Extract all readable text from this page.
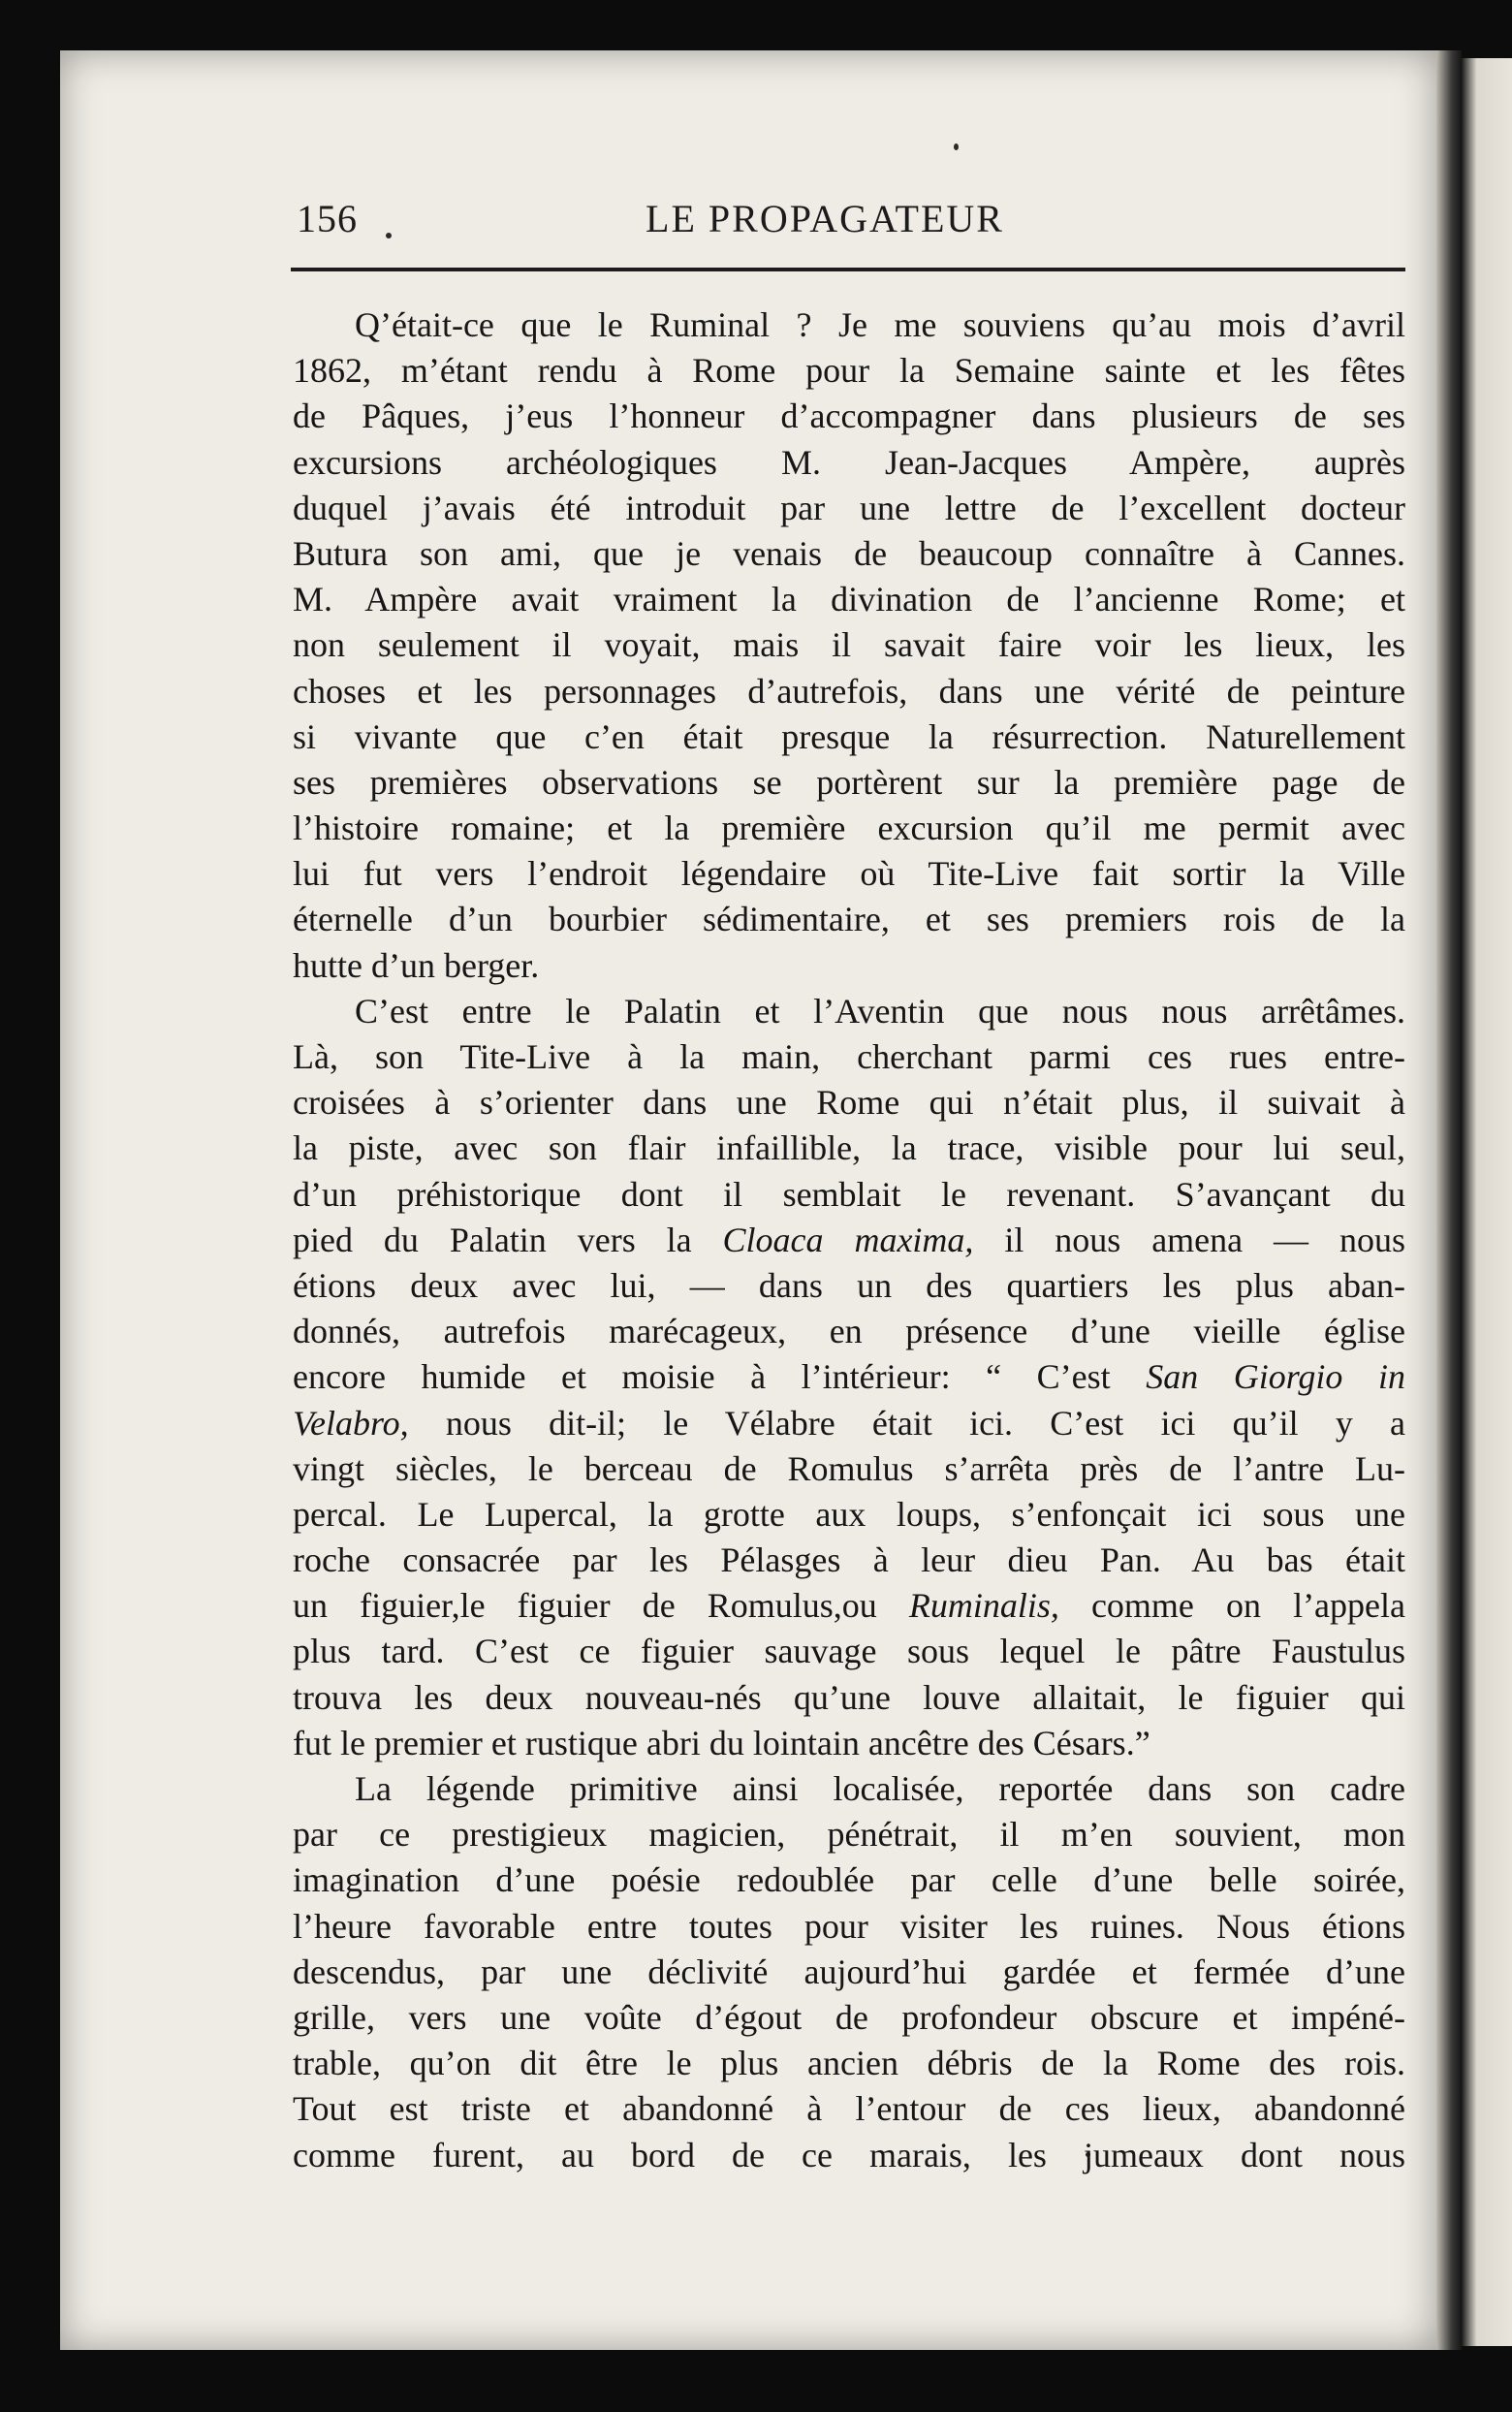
156	LE PROPAGATEUR
Q’était-ce que le Ruminal ? Je me souviens qu’au mois d’avril
1862, m’étant rendu à Rome pour la Semaine sainte et les fêtes
de Pâques, j’eus l’honneur d’accompagner dans plusieurs de ses
excursions archéologiques M. Jean-Jacques Ampère, auprès
duquel j’avais été introduit par une lettre de l’excellent docteur
Butura son ami, que je venais de beaucoup connaître à Cannes.
M. Ampère avait vraiment la divination de l’ancienne Rome; et
non seulement il voyait, mais il savait faire voir les lieux, les
choses et les personnages d’autrefois, dans une vérité de peinture
si vivante que c’en était presque la résurrection. Naturellement
ses premières observations se portèrent sur la première page de
l’histoire romaine; et la première excursion qu’il me permit avec
lui fut vers l’endroit légendaire où Tite-Live fait sortir la Ville
éternelle d’un bourbier sédimentaire, et ses premiers rois de la
hutte d’un berger.
C’est entre le Palatin et l’Aventin que nous nous arrêtâmes.
Là, son Tite-Live à la main, cherchant parmi ces rues entre-
croisées à s’orienter dans une Rome qui n’était plus, il suivait à
la piste, avec son flair infaillible, la trace, visible pour lui seul,
d’un préhistorique dont il semblait le revenant. S’avançant du
pied du Palatin vers la Cloaca maxima, il nous amena — nous
étions deux avec lui, — dans un des quartiers les plus aban-
donnés, autrefois marécageux, en présence d’une vieille église
encore humide et moisie à l’intérieur: “ C’est San Giorgio in
Velabro, nous dit-il; le Vélabre était ici. C’est ici qu’il y a
vingt siècles, le berceau de Romulus s’arrêta près de l’antre Lu-
percal. Le Lupercal, la grotte aux loups, s’enfonçait ici sous une
roche consacrée par les Pélasges à leur dieu Pan. Au bas était
un figuier,le figuier de Romulus,ou Ruminalis, comme on l’appela
plus tard. C’est ce figuier sauvage sous lequel le pâtre Faustulus
trouva les deux nouveau-nés qu’une louve allaitait, le figuier qui
fut le premier et rustique abri du lointain ancêtre des Césars.”
La légende primitive ainsi localisée, reportée dans son cadre
par ce prestigieux magicien, pénétrait, il m’en souvient, mon
imagination d’une poésie redoublée par celle d’une belle soirée,
l’heure favorable entre toutes pour visiter les ruines. Nous étions
descendus, par une déclivité aujourd’hui gardée et fermée d’une
grille, vers une voûte d’égout de profondeur obscure et impéné-
trable, qu’on dit être le plus ancien débris de la Rome des rois.
Tout est triste et abandonné à l’entour de ces lieux, abandonné
comme furent, au bord de ce marais, les jumeaux dont nous
